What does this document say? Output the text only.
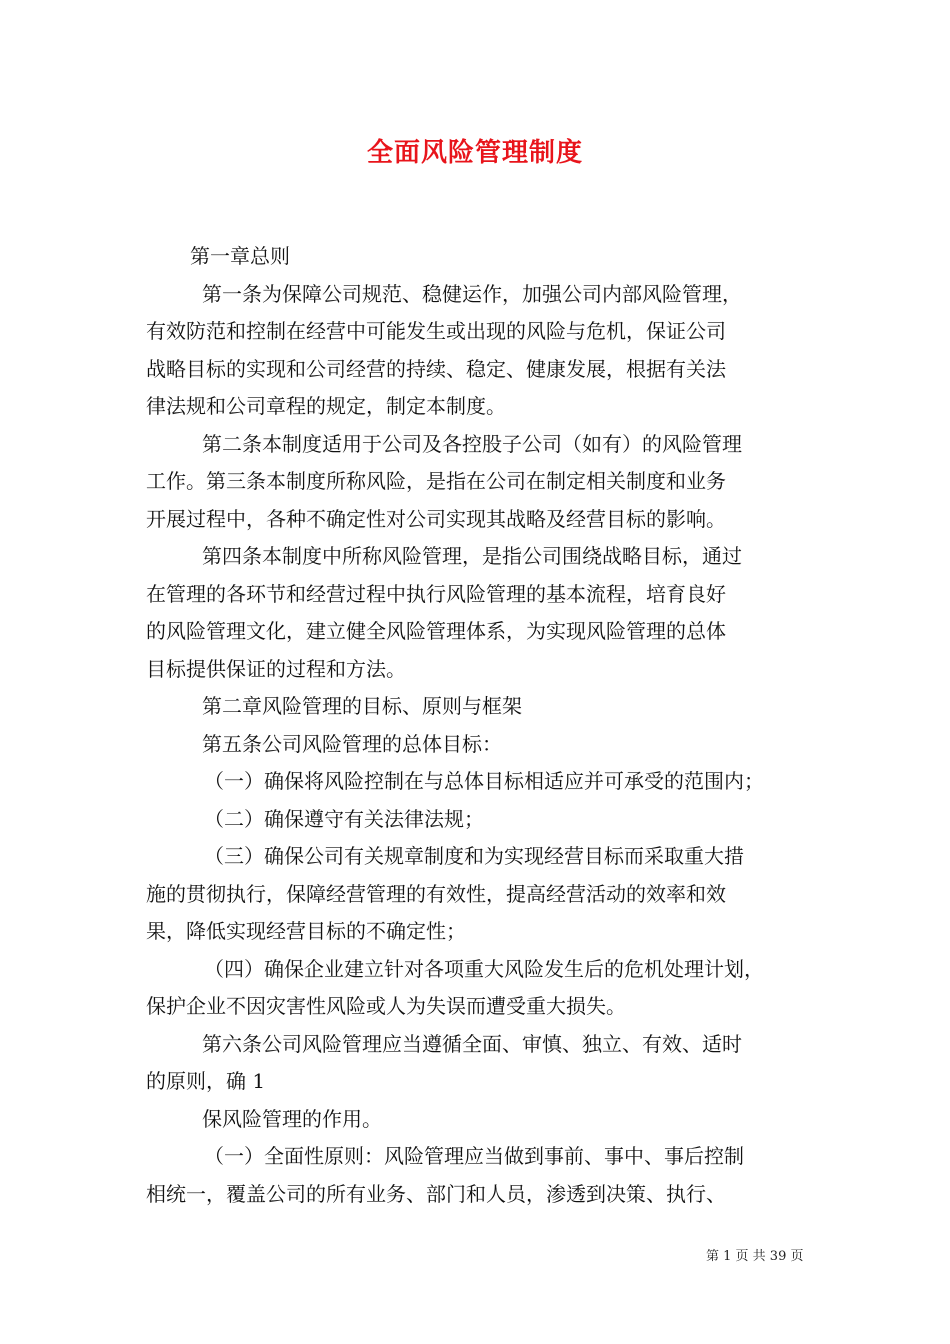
全面风险管理制度
第一章总则
第一条为保障公司规范、稳健运作，加强公司内部风险管理，
有效防范和控制在经营中可能发生或出现的风险与危机，保证公司
战略目标的实现和公司经营的持续、稳定、健康发展，根据有关法
律法规和公司章程的规定，制定本制度。
第二条本制度适用于公司及各控股子公司（如有）的风险管理
工作。第三条本制度所称风险，是指在公司在制定相关制度和业务
开展过程中，各种不确定性对公司实现其战略及经营目标的影响。
第四条本制度中所称风险管理，是指公司围绕战略目标，通过
在管理的各环节和经营过程中执行风险管理的基本流程，培育良好
的风险管理文化，建立健全风险管理体系，为实现风险管理的总体
目标提供保证的过程和方法。
第二章风险管理的目标、原则与框架
第五条公司风险管理的总体目标：
（一）确保将风险控制在与总体目标相适应并可承受的范围内；
（二）确保遵守有关法律法规；
（三）确保公司有关规章制度和为实现经营目标而采取重大措
施的贯彻执行，保障经营管理的有效性，提高经营活动的效率和效
果，降低实现经营目标的不确定性；
（四）确保企业建立针对各项重大风险发生后的危机处理计划，
保护企业不因灾害性风险或人为失误而遭受重大损失。
第六条公司风险管理应当遵循全面、审慎、独立、有效、适时
的原则，确 1
保风险管理的作用。
（一）全面性原则：风险管理应当做到事前、事中、事后控制
相统一，覆盖公司的所有业务、部门和人员，渗透到决策、执行、
第 1 页 共 39 页
